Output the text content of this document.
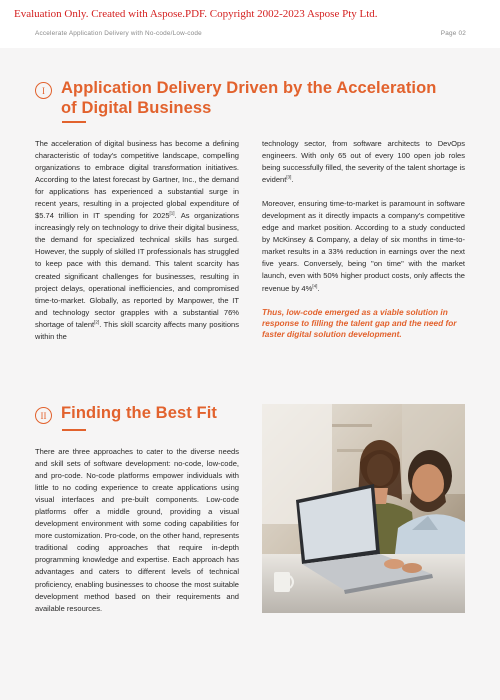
Evaluation Only. Created with Aspose.PDF. Copyright 2002-2023 Aspose Pty Ltd.
Accelerate Application Delivery with No-code/Low-code	Page 02
I Application Delivery Driven by the Acceleration of Digital Business

The acceleration of digital business has become a defining characteristic of today's competitive landscape, compelling organizations to embrace digital transformation initiatives. According to the latest forecast by Gartner, Inc., the demand for applications has experienced a substantial surge in recent years, resulting in a projected global expenditure of $5.74 trillion in IT spending for 2025[1]. As organizations increasingly rely on technology to drive their digital business, the demand for specialized technical skills has surged. However, the supply of skilled IT professionals has struggled to keep pace with this demand. This talent scarcity has created significant challenges for businesses, resulting in project delays, operational inefficiencies, and compromised time-to-market. Globally, as reported by Manpower, the IT and technology sector grapples with a substantial 76% shortage of talent[2]. This skill scarcity affects many positions within the

technology sector, from software architects to DevOps engineers. With only 65 out of every 100 open job roles being successfully filled, the severity of the talent shortage is evident[3].

Moreover, ensuring time-to-market is paramount in software development as it directly impacts a company's competitive edge and market position. According to a study conducted by McKinsey & Company, a delay of six months in time-to-market results in a 33% reduction in earnings over the next five years. Conversely, being "on time" with the market launch, even with 50% higher product costs, only affects the revenue by 4%[4].

Thus, low-code emerged as a viable solution in response to filling the talent gap and the need for faster digital solution development.

II Finding the Best Fit

There are three approaches to cater to the diverse needs and skill sets of software development: no-code, low-code, and pro-code. No-code platforms empower individuals with little to no coding experience to create applications using visual interfaces and pre-built components. Low-code platforms offer a middle ground, providing a visual development environment with some coding capabilities for more customization. Pro-code, on the other hand, represents traditional coding approaches that require in-depth programming knowledge and expertise. Each approach has advantages and caters to different levels of technical proficiency, enabling businesses to choose the most suitable development method based on their requirements and available resources.
